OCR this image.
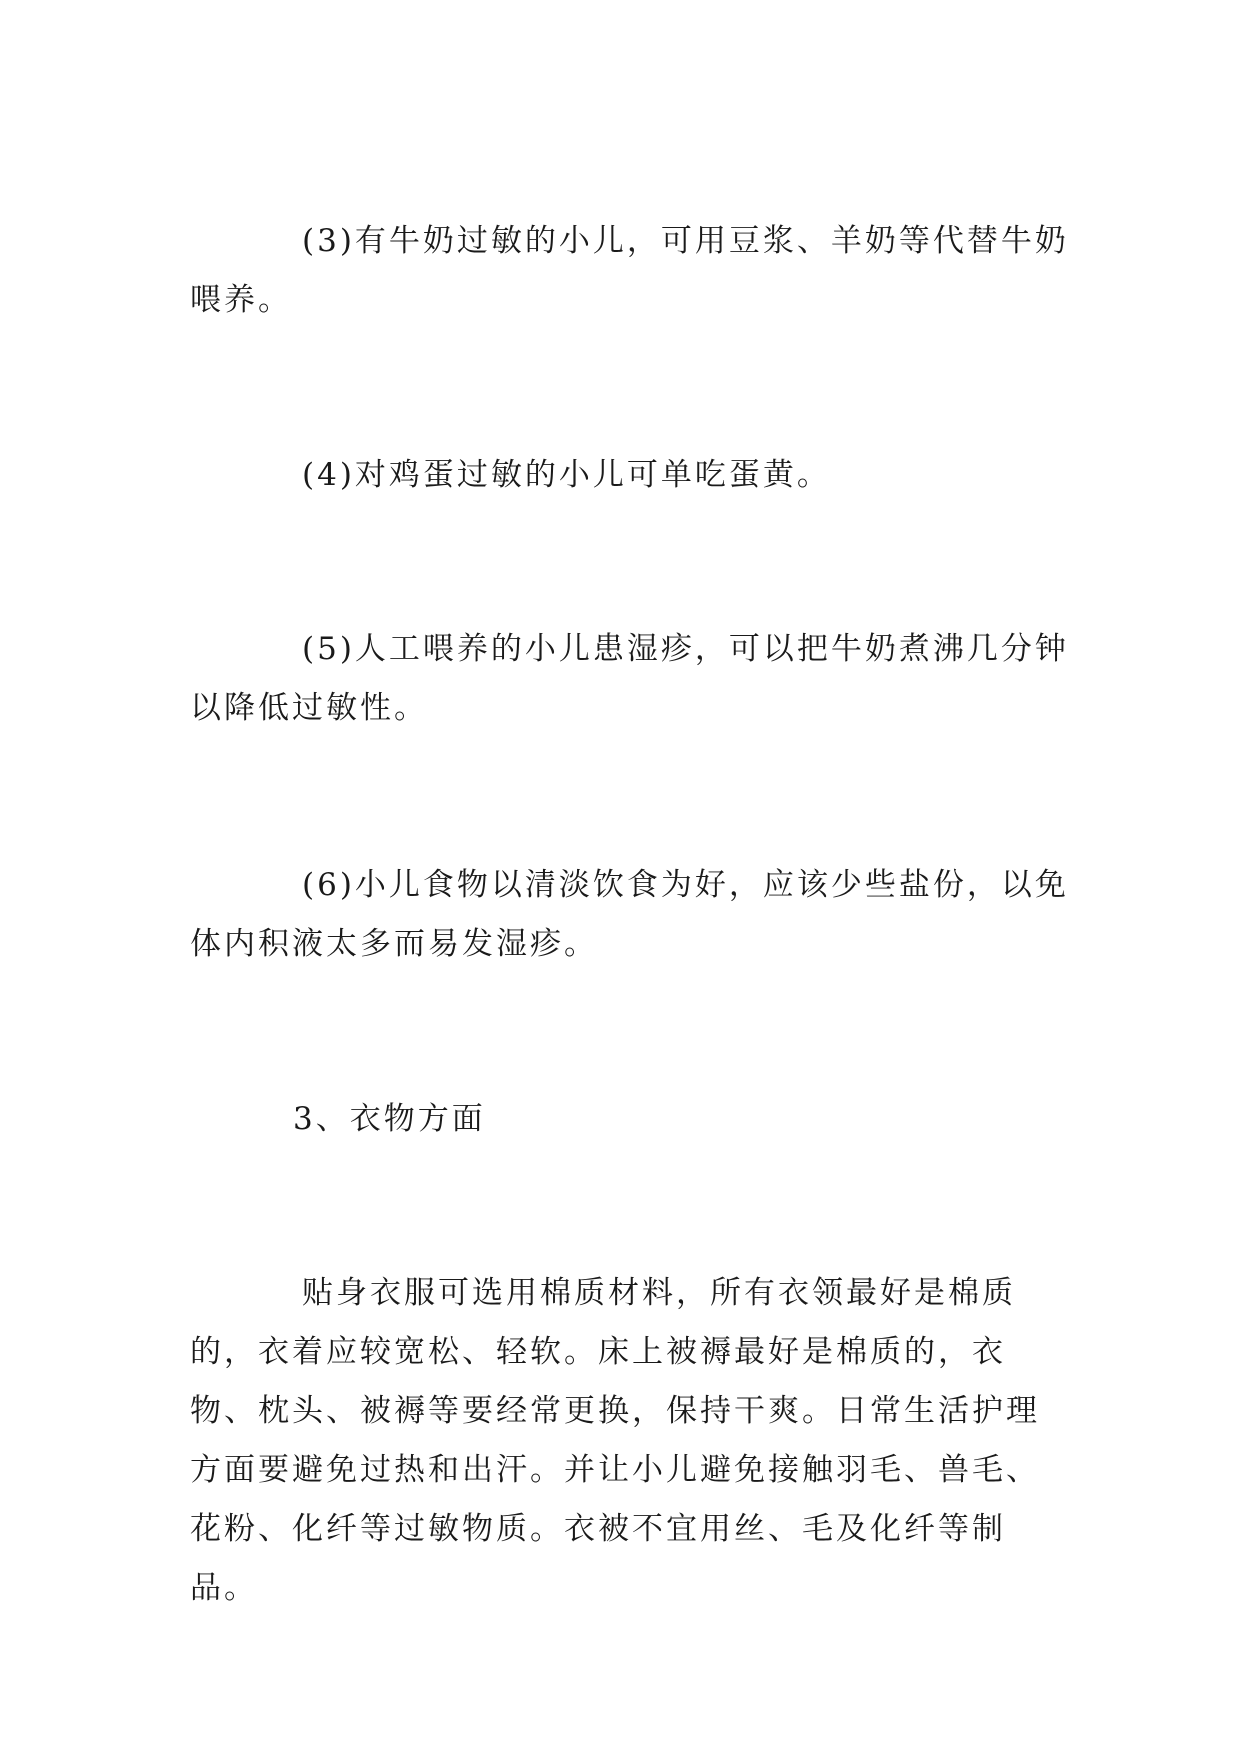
(3)有牛奶过敏的小儿，可用豆浆、羊奶等代替牛奶喂养。

(4)对鸡蛋过敏的小儿可单吃蛋黄。

(5)人工喂养的小儿患湿疹，可以把牛奶煮沸几分钟以降低过敏性。

(6)小儿食物以清淡饮食为好，应该少些盐份，以免体内积液太多而易发湿疹。

3、衣物方面

贴身衣服可选用棉质材料，所有衣领最好是棉质的，衣着应较宽松、轻软。床上被褥最好是棉质的，衣物、枕头、被褥等要经常更换，保持干爽。日常生活护理方面要避免过热和出汗。并让小儿避免接触羽毛、兽毛、花粉、化纤等过敏物质。衣被不宜用丝、毛及化纤等制品。
